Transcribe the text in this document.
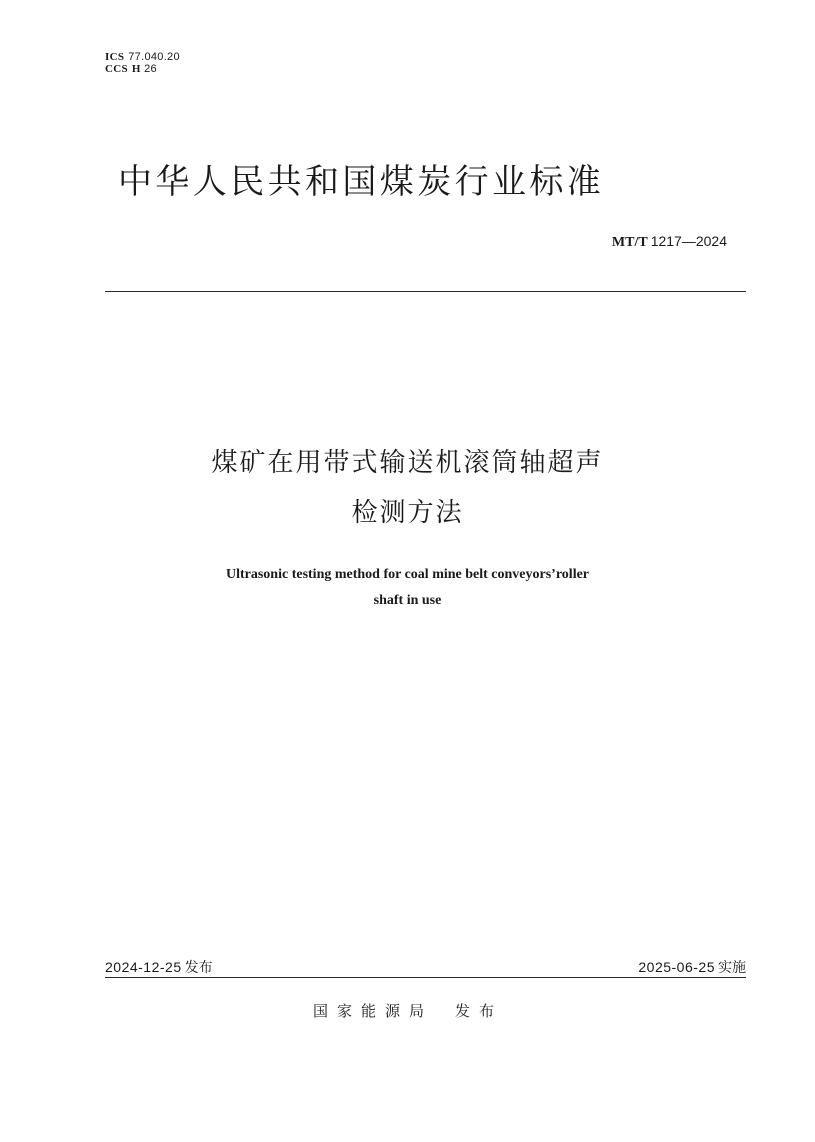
ICS 77.040.20
CCS H 26
中华人民共和国煤炭行业标准
MT/T 1217—2024
煤矿在用带式输送机滚筒轴超声
检测方法
Ultrasonic testing method for coal mine belt conveyors’roller
shaft in use
2024-12-25 发布	2025-06-25 实施
国家能源局 发布
